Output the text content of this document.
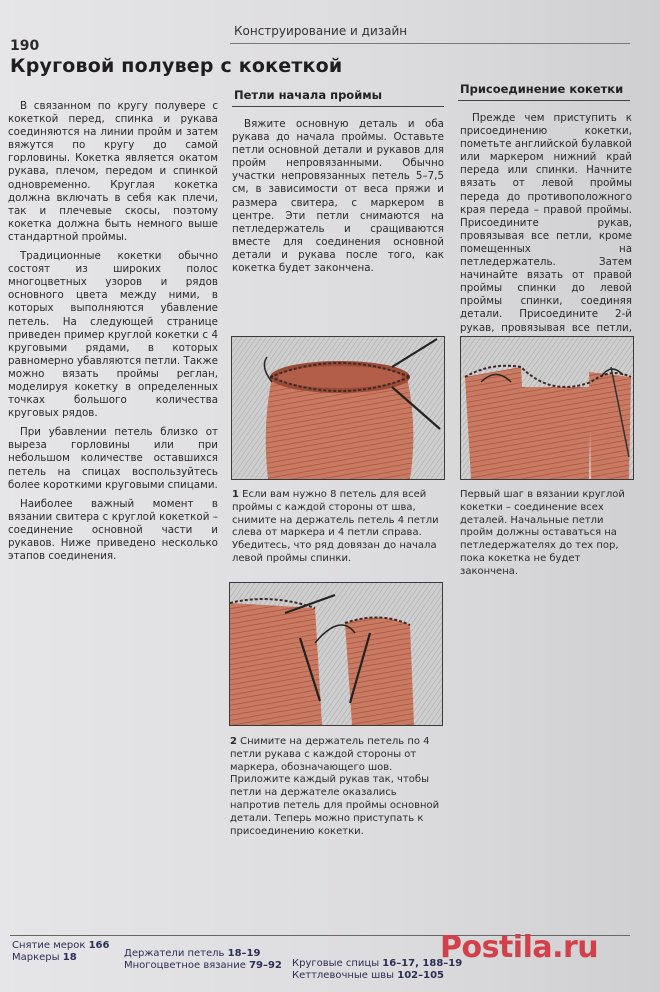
190
Конструирование и дизайн
Круговой полувер с кокеткой

В связанном по кругу полувере с кокеткой перед, спинка и рукава соединяются на линии пройм и затем вяжутся по кругу до самой горловины. Кокетка является окатом рукава, плечом, передом и спинкой одновременно. Круглая кокетка должна включать в себя как плечи, так и плечевые скосы, поэтому кокетка должна быть немного выше стандартной проймы.

Традиционные кокетки обычно состоят из широких полос многоцветных узоров и рядов основного цвета между ними, в которых выполняются убавление петель. На следующей странице приведен пример круглой кокетки с 4 круговыми рядами, в которых равномерно убавляются петли. Также можно вязать проймы реглан, моделируя кокетку в определенных точках большого количества круговых рядов.

При убавлении петель близко от выреза горловины или при небольшом количестве оставшихся петель на спицах воспользуйтесь более короткими круговыми спицами.

Наиболее важный момент в вязании свитера с круглой кокеткой – соединение основной части и рукавов. Ниже приведено несколько этапов соединения.

Петли начала проймы

Вяжите основную деталь и оба рукава до начала проймы. Оставьте петли основной детали и рукавов для пройм непровязанными. Обычно участки непровязанных петель 5–7,5 см, в зависимости от веса пряжи и размера свитера, с маркером в центре. Эти петли снимаются на петледержатель и сращиваются вместе для соединения основной детали и рукава после того, как кокетка будет закончена.

Присоединение кокетки

Прежде чем приступить к присоединению кокетки, пометьте английской булавкой или маркером нижний край переда или спинки. Начните вязать от левой проймы переда до противоположного края переда – правой проймы. Присоедините рукав, провязывая все петли, кроме помещенных на петледержатель. Затем начинайте вязать от правой проймы спинки до левой проймы спинки, соединяя детали. Присоедините 2-й рукав, провязывая все петли,

1 Если вам нужно 8 петель для всей проймы с каждой стороны от шва, снимите на держатель петель 4 петли слева от маркера и 4 петли справа. Убедитесь, что ряд довязан до начала левой проймы спинки.
Первый шаг в вязании круглой кокетки – соединение всех деталей. Начальные петли пройм должны оставаться на петледержателях до тех пор, пока кокетка не будет закончена.
2 Снимите на держатель петель по 4 петли рукава с каждой стороны от маркера, обозначающего шов. Приложите каждый рукав так, чтобы петли на держателе оказались напротив петель для проймы основной детали. Теперь можно приступать к присоединению кокетки.
Снятие мерок 166
Маркеры 18	Держатели петель 18–19
Многоцветное вязание 79–92 Круговые спицы 16–17, 188–19
Кеттлевочные швы 102–105
Postila.ru
